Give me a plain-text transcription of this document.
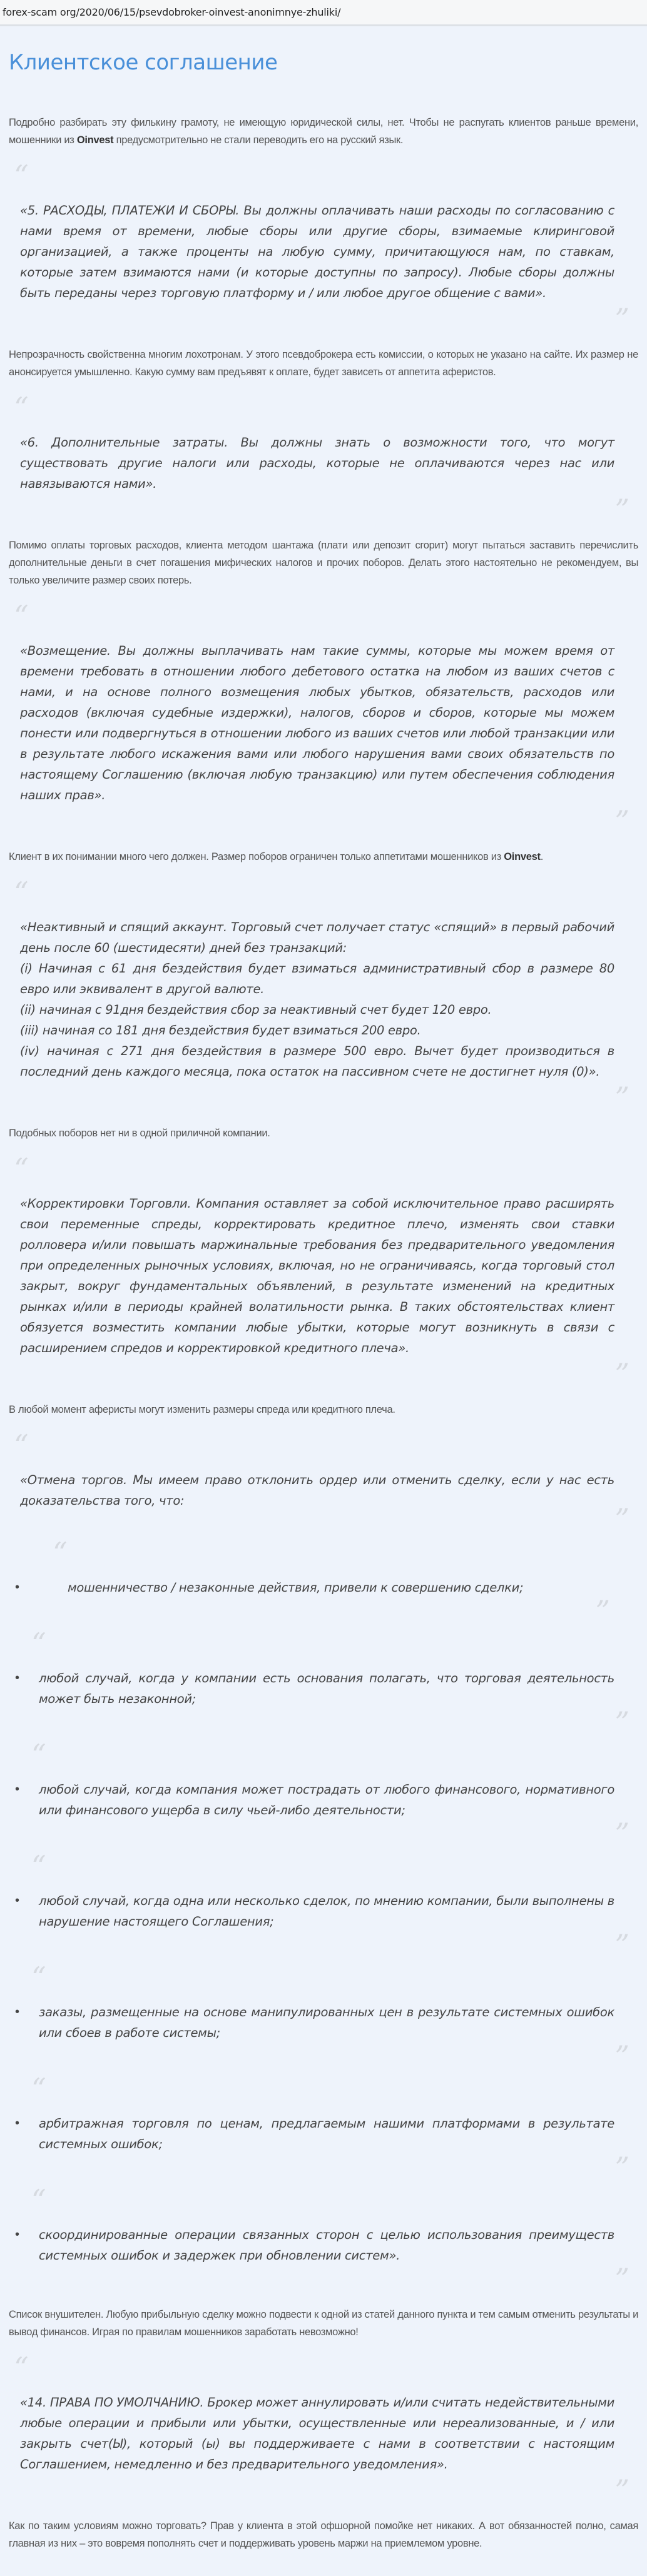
forex-scam org/2020/06/15/psevdobroker-oinvest-anonimnye-zhuliki/
Клиентское соглашение

Подробно разбирать эту филькину грамоту, не имеющую юридической силы, нет. Чтобы не распугать клиентов раньше времени, мошенники из Oinvest предусмотрительно не стали переводить его на русский язык.

“
«5. РАСХОДЫ, ПЛАТЕЖИ И СБОРЫ. Вы должны оплачивать наши расходы по согласованию с нами время от времени, любые сборы или другие сборы, взимаемые клиринговой организацией, а также проценты на любую сумму, причитающуюся нам, по ставкам, которые затем взимаются нами (и которые доступны по запросу). Любые сборы должны быть переданы через торговую платформу и / или любое другое общение с вами».
”

Непрозрачность свойственна многим лохотронам. У этого псевдоброкера есть комиссии, о которых не указано на сайте. Их размер не анонсируется умышленно. Какую сумму вам предъявят к оплате, будет зависеть от аппетита аферистов.

“
«6. Дополнительные затраты. Вы должны знать о возможности того, что могут существовать другие налоги или расходы, которые не оплачиваются через нас или навязываются нами».
”

Помимо оплаты торговых расходов, клиента методом шантажа (плати или депозит сгорит) могут пытаться заставить перечислить дополнительные деньги в счет погашения мифических налогов и прочих поборов. Делать этого настоятельно не рекомендуем, вы только увеличите размер своих потерь.

“
«Возмещение. Вы должны выплачивать нам такие суммы, которые мы можем время от времени требовать в отношении любого дебетового остатка на любом из ваших счетов с нами, и на основе полного возмещения любых убытков, обязательств, расходов или расходов (включая судебные издержки), налогов, сборов и сборов, которые мы можем понести или подвергнуться в отношении любого из ваших счетов или любой транзакции или в результате любого искажения вами или любого нарушения вами своих обязательств по настоящему Соглашению (включая любую транзакцию) или путем обеспечения соблюдения наших прав».
”

Клиент в их понимании много чего должен. Размер поборов ограничен только аппетитами мошенников из Oinvest.

“
«Неактивный и спящий аккаунт. Торговый счет получает статус «спящий» в первый рабочий день после 60 (шестидесяти) дней без транзакций:
(i) Начиная с 61 дня бездействия будет взиматься административный сбор в размере 80 евро или эквивалент в другой валюте.
(ii) начиная с 91дня бездействия сбор за неактивный счет будет 120 евро.
(iii) начиная со 181 дня бездействия будет взиматься 200 евро.
(iv) начиная с 271 дня бездействия в размере 500 евро. Вычет будет производиться в последний день каждого месяца, пока остаток на пассивном счете не достигнет нуля (0)».
”

Подобных поборов нет ни в одной приличной компании.

“
«Корректировки Торговли. Компания оставляет за собой исключительное право расширять свои переменные спреды, корректировать кредитное плечо, изменять свои ставки ролловера и/или повышать маржинальные требования без предварительного уведомления при определенных рыночных условиях, включая, но не ограничиваясь, когда торговый стол закрыт, вокруг фундаментальных объявлений, в результате изменений на кредитных рынках и/или в периоды крайней волатильности рынка. В таких обстоятельствах клиент обязуется возместить компании любые убытки, которые могут возникнуть в связи с расширением спредов и корректировкой кредитного плеча».
”

В любой момент аферисты могут изменить размеры спреда или кредитного плеча.

“
«Отмена торгов. Мы имеем право отклонить ордер или отменить сделку, если у нас есть доказательства того, что:
”
“
•	мошенничество / незаконные действия, привели к совершению сделки;
”
“
•	любой случай, когда у компании есть основания полагать, что торговая деятельность может быть незаконной;
”
“
•	любой случай, когда компания может пострадать от любого финансового, нормативного или финансового ущерба в силу чьей-либо деятельности;
”
“
•	любой случай, когда одна или несколько сделок, по мнению компании, были выполнены в нарушение настоящего Соглашения;
”
“
•	заказы, размещенные на основе манипулированных цен в результате системных ошибок или сбоев в работе системы;
”
“
•	арбитражная торговля по ценам, предлагаемым нашими платформами в результате системных ошибок;
”
“
•	скоординированные операции связанных сторон с целью использования преимуществ системных ошибок и задержек при обновлении систем».
”

Список внушителен. Любую прибыльную сделку можно подвести к одной из статей данного пункта и тем самым отменить результаты и вывод финансов. Играя по правилам мошенников заработать невозможно!

“
«14. ПРАВА ПО УМОЛЧАНИЮ. Брокер может аннулировать и/или считать недействительными любые операции и прибыли или убытки, осуществленные или нереализованные, и / или закрыть счет(Ы), который (ы) вы поддерживаете с нами в соответствии с настоящим Соглашением, немедленно и без предварительного уведомления».
”

Как по таким условиям можно торговать? Прав у клиента в этой офшорной помойке нет никаких. А вот обязанностей полно, самая главная из них – это вовремя пополнять счет и поддерживать уровень маржи на приемлемом уровне.
